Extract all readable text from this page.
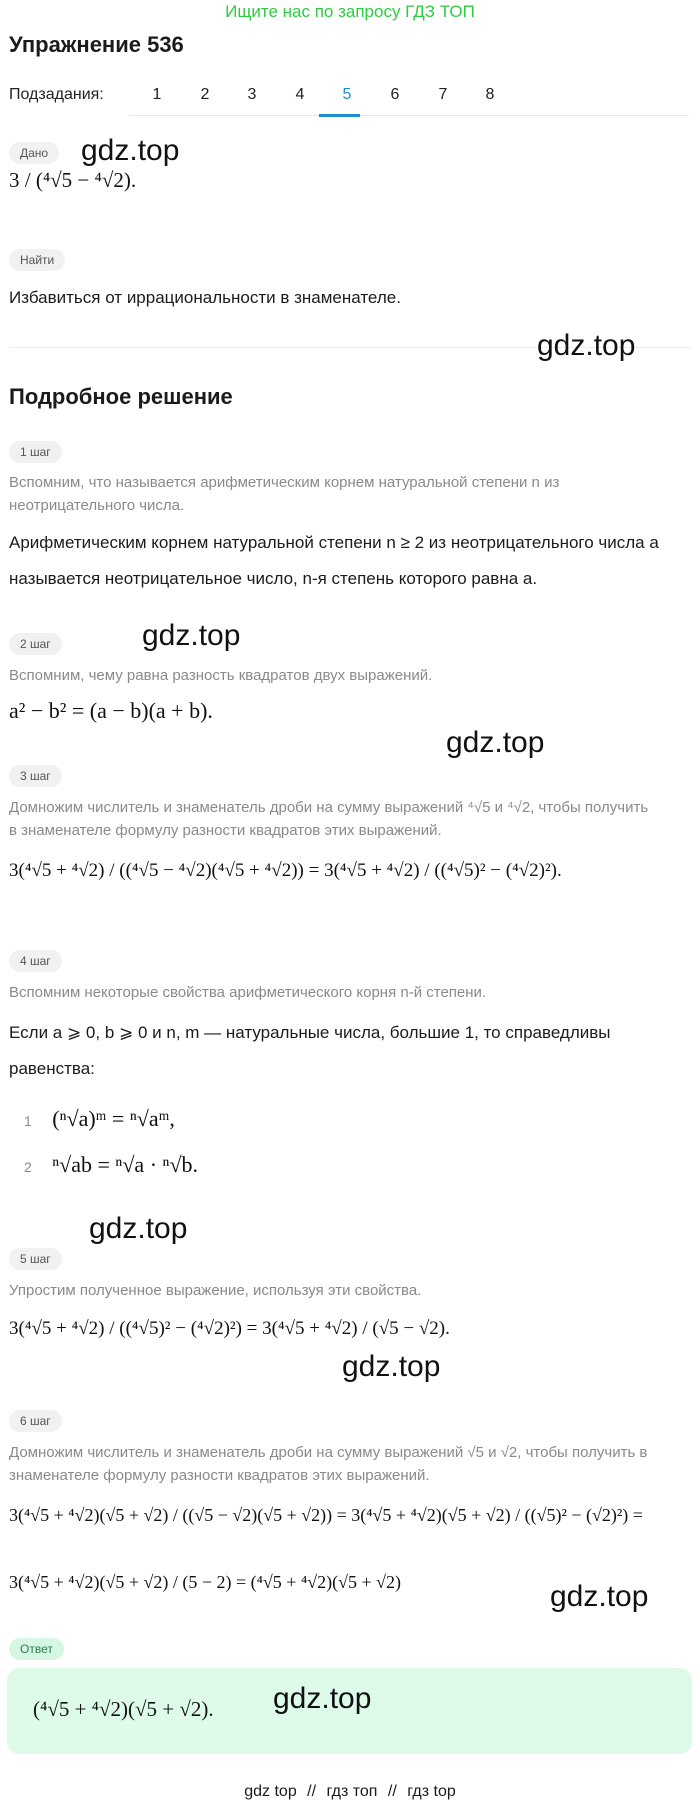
Ищите нас по запросу ГДЗ ТОП
Упражнение 536
Подзадания:	1	2	3	4	5	6	7	8
Дано	gdz.top
3 / (⁴√5 − ⁴√2).
Найти
Избавиться от иррациональности в знаменателе.
gdz.top
Подробное решение
1 шаг
Вспомним, что называется арифметическим корнем натуральной степени n из неотрицательного числа.
Арифметическим корнем натуральной степени n ≥ 2 из неотрицательного числа a называется неотрицательное число, n-я степень которого равна a.
2 шаг	gdz.top
Вспомним, чему равна разность квадратов двух выражений.
a² − b² = (a − b)(a + b).
gdz.top
3 шаг
Домножим числитель и знаменатель дроби на сумму выражений ⁴√5 и ⁴√2, чтобы получить в знаменателе формулу разности квадратов этих выражений.
3(⁴√5 + ⁴√2) / ((⁴√5 − ⁴√2)(⁴√5 + ⁴√2)) = 3(⁴√5 + ⁴√2) / ((⁴√5)² − (⁴√2)²).
4 шаг
Вспомним некоторые свойства арифметического корня n-й степени.
Если a ⩾ 0, b ⩾ 0 и n, m — натуральные числа, большие 1, то справедливы равенства:
1 (ⁿ√a)ᵐ = ⁿ√aᵐ,
2 ⁿ√ab = ⁿ√a · ⁿ√b.
gdz.top
5 шаг
Упростим полученное выражение, используя эти свойства.
3(⁴√5 + ⁴√2) / ((⁴√5)² − (⁴√2)²) = 3(⁴√5 + ⁴√2) / (√5 − √2).
gdz.top
6 шаг
Домножим числитель и знаменатель дроби на сумму выражений √5 и √2, чтобы получить в знаменателе формулу разности квадратов этих выражений.
3(⁴√5 + ⁴√2)(√5 + √2) / ((√5 − √2)(√5 + √2)) = 3(⁴√5 + ⁴√2)(√5 + √2) / ((√5)² − (√2)²) =
3(⁴√5 + ⁴√2)(√5 + √2) / (5 − 2) = (⁴√5 + ⁴√2)(√5 + √2)	gdz.top
Ответ
(⁴√5 + ⁴√2)(√5 + √2). gdz.top
gdz top // гдз топ // гдз top
